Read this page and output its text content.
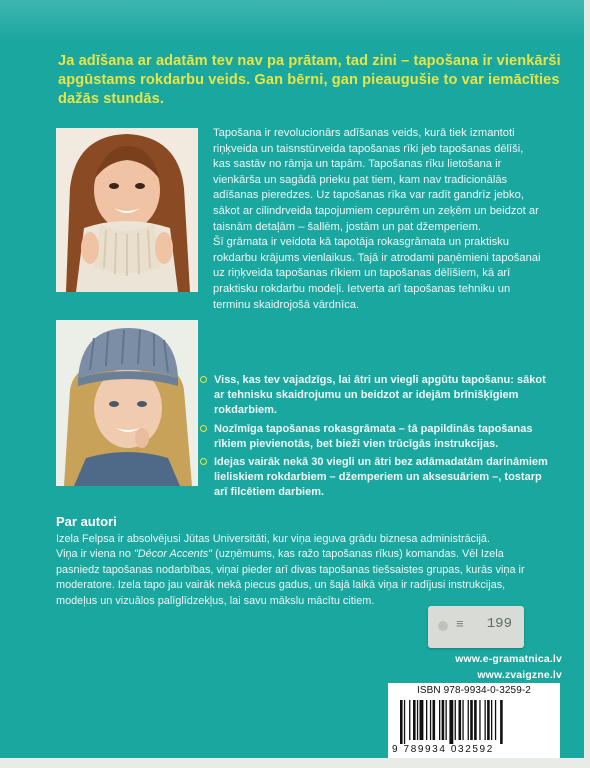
Ja adīšana ar adatām tev nav pa prātam, tad zini – tapošana ir vienkārši apgūstams rokdarbu veids. Gan bērni, gan pieaugušie to var iemācīties dažās stundās.

Tapošana ir revolucionārs adīšanas veids, kurā tiek izmantoti riņķveida un taisnstūrveida tapošanas rīki jeb tapošanas dēlīši, kas sastāv no rāmja un tapām. Tapošanas rīku lietošana ir vienkārša un sagādā prieku pat tiem, kam nav tradicionālās adīšanas pieredzes. Uz tapošanas rīka var radīt gandrīz jebko, sākot ar cilindrveida tapojumiem cepurēm un zeķēm un beidzot ar taisnām detaļām – šallēm, jostām un pat džemperiem.

Šī grāmata ir veidota kā tapotāja rokasgrāmata un praktisku rokdarbu krājums vienlaikus. Tajā ir atrodami paņēmieni tapošanai uz riņķveida tapošanas rīkiem un tapošanas dēlīšiem, kā arī praktisku rokdarbu modeļi. Ietverta arī tapošanas tehniku un terminu skaidrojošā vārdnīca.

Viss, kas tev vajadzīgs, lai ātri un viegli apgūtu tapošanu: sākot ar tehnisku skaidrojumu un beidzot ar idejām brīnišķīgiem rokdarbiem.
Nozīmīga tapošanas rokasgrāmata – tā papildinās tapošanas rīkiem pievienotās, bet bieži vien trūcīgās instrukcijas.
Idejas vairāk nekā 30 viegli un ātri bez adāmadatām darināmiem lieliskiem rokdarbiem – džemperiem un aksesuāriem –, tostarp arī filcētiem darbiem.
Par autori

Izela Felpsa ir absolvējusi Jūtas Universitāti, kur viņa ieguva grādu biznesa administrācijā.

Viņa ir viena no "Décor Accents" (uzņēmums, kas ražo tapošanas rīkus) komandas. Vēl Izela pasniedz tapošanas nodarbības, viņai pieder arī divas tapošanas tiešsaistes grupas, kurās viņa ir moderatore. Izela tapo jau vairāk nekā piecus gadus, un šajā laikā viņa ir radījusi instrukcijas, modeļus un vizuālos palīglīdzekļus, lai savu mākslu mācītu citiem.

≡ 199
www.e-gramatnica.lv
www.zvaigzne.lv
ISBN 978-9934-0-3259-2
9 789934 032592
